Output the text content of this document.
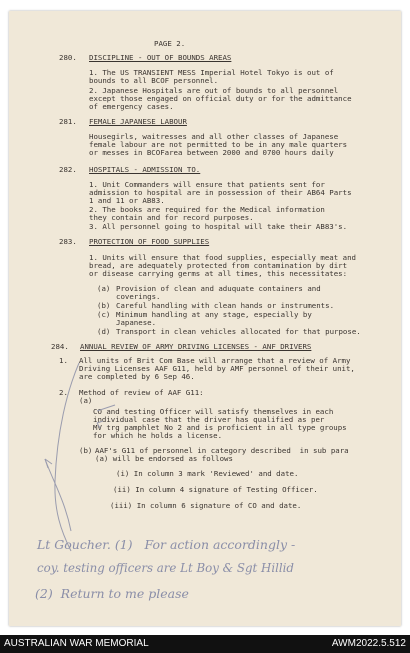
PAGE 2.
280. DISCIPLINE - OUT OF BOUNDS AREAS
1. The US TRANSIENT MESS Imperial Hotel Tokyo is out of
bounds to all BCOF personnel.
2. Japanese Hospitals are out of bounds to all personnel
except those engaged on official duty or for the admittance
of emergency cases.
281. FEMALE JAPANESE LABOUR
Housegirls, waitresses and all other classes of Japanese
female labour are not permitted to be in any male quarters
or messes in BCOFarea between 2000 and 0700 hours daily
282. HOSPITALS - ADMISSION TO.
1. Unit Commanders will ensure that patients sent for
admission to hospital are in possession of their AB64 Parts
1 and 11 or AB83.
2. The books are required for the Medical information
they contain and for record purposes.
3. All personnel going to hospital will take their AB83's.
283. PROTECTION OF FOOD SUPPLIES
1. Units will ensure that food supplies, especially meat and
bread, are adequately protected from contamination by dirt
or disease carrying germs at all times, this necessitates:
(a) Provision of clean and aduquate containers and
coverings.
(b) Careful handling with clean hands or instruments.
(c) Minimum handling at any stage, especially by
Japanese.
(d) Transport in clean vehicles allocated for that purpose.
284. ANNUAL REVIEW OF ARMY DRIVING LICENSES - ANF DRIVERS
1. All units of Brit Com Base will arrange that a review of Army
Driving Licenses AAF G11, held by AMF personnel of their unit,
are completed by 6 Sep 46.
2. Method of review of AAF G11:
(a)
CO and testing Officer will satisfy themselves in each
individual case that the driver has qualified as per
MV trg pamphlet No 2 and is proficient in all type groups
for which he holds a license.
(b) AAF's G11 of personnel in category described  in sub para
(a) will be endorsed as follows
(i) In column 3 mark 'Reviewed' and date.
(ii) In column 4 signature of Testing Officer.
(iii) In column 6 signature of CO and date.
Lt Goucher. (1)   For action accordingly -
coy. testing officers are Lt Boy & Sgt Hillid
(2)  Return to me please
AUSTRALIAN WAR MEMORIAL	AWM2022.5.512
